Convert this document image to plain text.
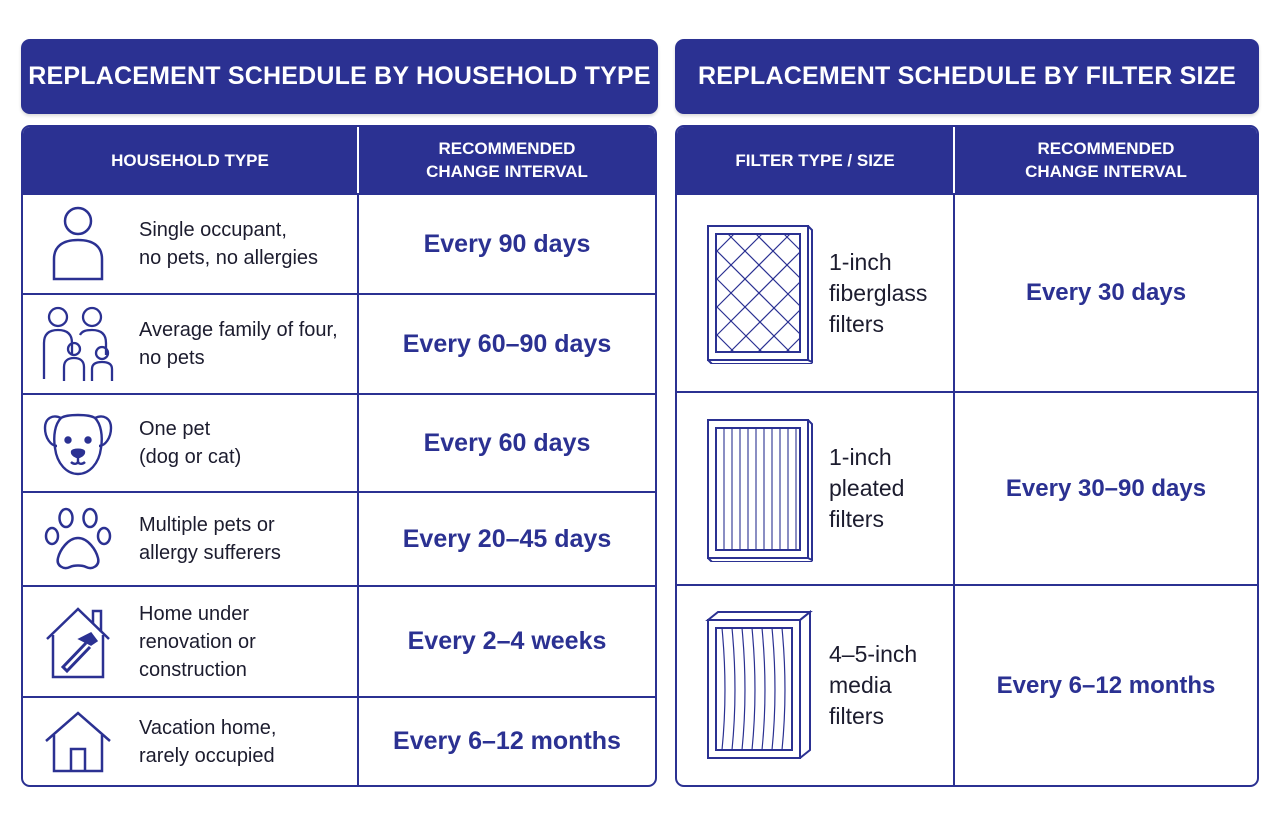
REPLACEMENT SCHEDULE BY HOUSEHOLD TYPE
HOUSEHOLD TYPE
RECOMMENDED
CHANGE INTERVAL
Single occupant,
no pets, no allergies
Every 90 days
Average family of four,
no pets
Every 60–90 days
One pet
(dog or cat)
Every 60 days
Multiple pets or
allergy sufferers
Every 20–45 days
Home under
renovation or
construction
Every 2–4 weeks
Vacation home,
rarely occupied
Every 6–12 months
REPLACEMENT SCHEDULE BY FILTER SIZE
FILTER TYPE / SIZE
RECOMMENDED
CHANGE INTERVAL
1-inch
fiberglass
filters
Every 30 days
1-inch
pleated
filters
Every 30–90 days
4–5-inch
media
filters
Every 6–12 months
